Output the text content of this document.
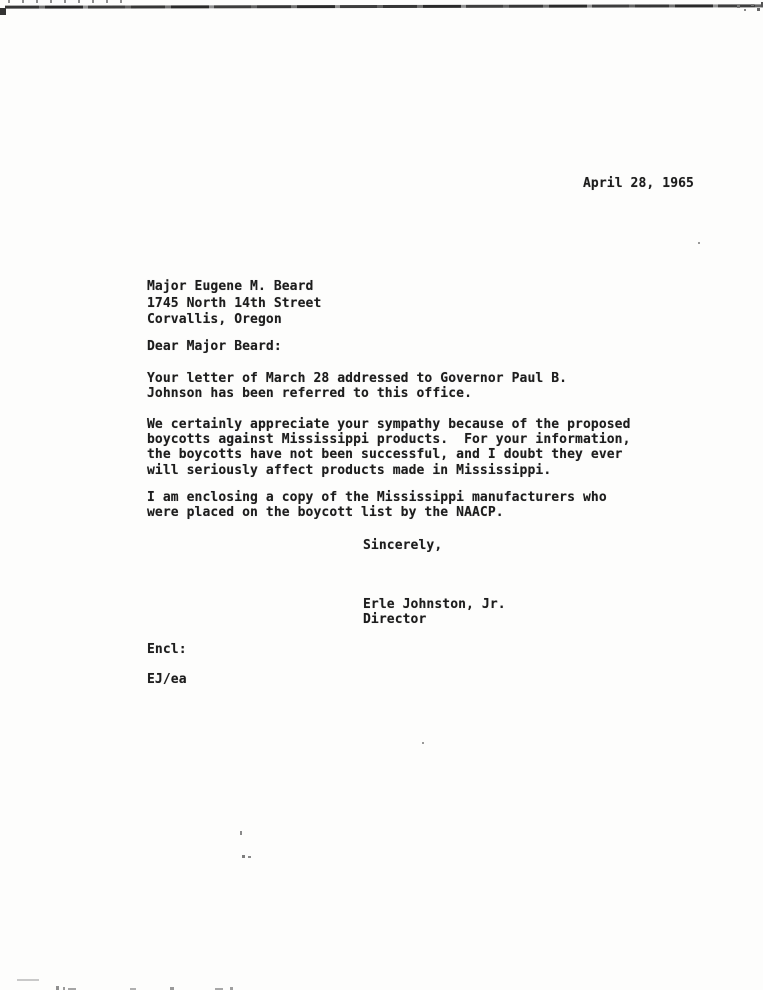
April 28, 1965
Major Eugene M. Beard
1745 North 14th Street
Corvallis, Oregon
Dear Major Beard:
Your letter of March 28 addressed to Governor Paul B.
Johnson has been referred to this office.
We certainly appreciate your sympathy because of the proposed
boycotts against Mississippi products.  For your information,
the boycotts have not been successful, and I doubt they ever
will seriously affect products made in Mississippi.
I am enclosing a copy of the Mississippi manufacturers who
were placed on the boycott list by the NAACP.
Sincerely,
Erle Johnston, Jr.
Director
Encl:
EJ/ea
